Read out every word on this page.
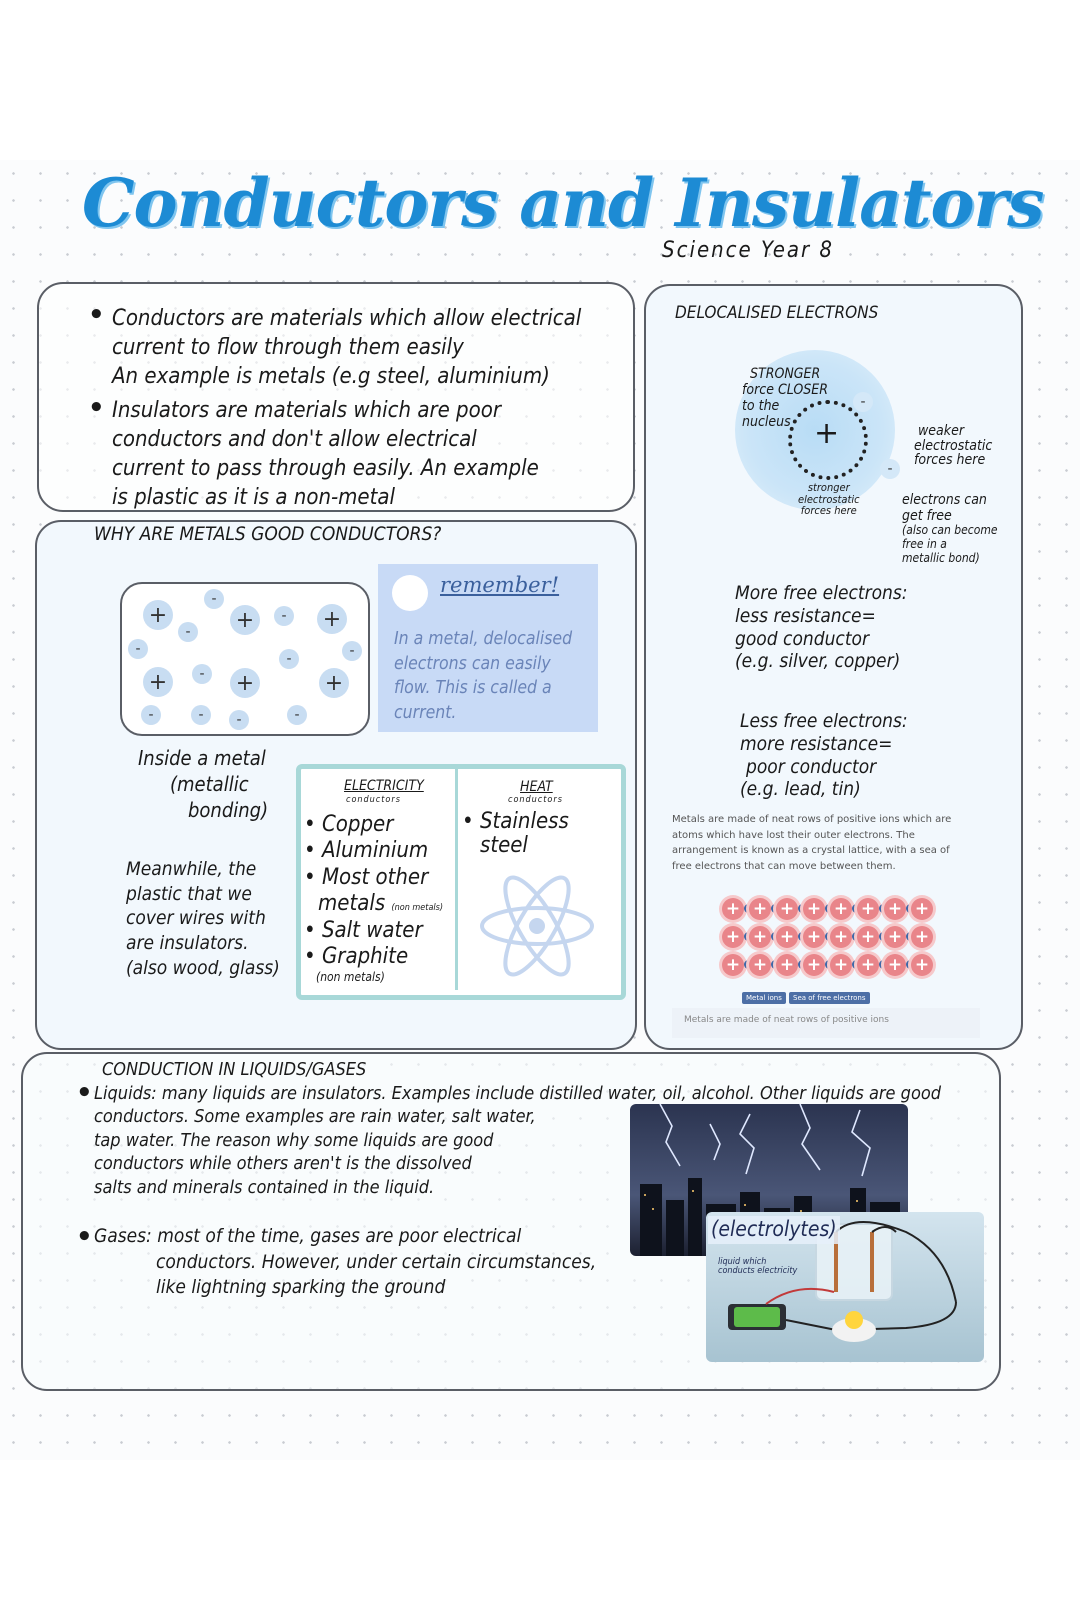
Conductors and Insulators
Science Year 8
• Conductors are materials which allow electrical
current to flow through them easily
An example is metals (e.g steel, aluminium)
• Insulators are materials which are poor
conductors and don't allow electrical
current to pass through easily. An example
is plastic as it is a non-metal
WHY ARE METALS GOOD CONDUCTORS?
+	+	+
+	+	+
-
-
-
-	-
-
-
-	-	-	-
Inside a metal
(metallic
bonding)
remember!
In a metal, delocalised
electrons can easily
flow. This is called a
current.
Meanwhile, the
plastic that we
cover wires with
are insulators.
(also wood, glass)
ELECTRICITY
conductors
• Copper
• Aluminium
• Most other
metals (non metals)
• Salt water
• Graphite
(non metals)
HEAT
conductors
• Stainless
steel
DELOCALISED ELECTRONS
+
-
-
STRONGER
force CLOSER
to the
nucleus
stronger
electrostatic
forces here
weaker
electrostatic
forces here
electrons can
get free
(also can become
free in a
metallic bond)
More free electrons:
less resistance=
good conductor
(e.g. silver, copper)
Less free electrons:
more resistance=
poor conductor
(e.g. lead, tin)
Metals are made of neat rows of positive ions which are atoms which have lost their outer electrons. The arrangement is known as a crystal lattice, with a sea of free electrons that can move between them.
+ + + + + + + +
+ + + + + + + +
+ + + + + + + +
Metal ions	Sea of free electrons
Metals are made of neat rows of positive ions
CONDUCTION IN LIQUIDS/GASES
• Liquids: many liquids are insulators. Examples include distilled water, oil, alcohol. Other liquids are good
conductors. Some examples are rain water, salt water,
tap water. The reason why some liquids are good
conductors while others aren't is the dissolved
salts and minerals contained in the liquid.
• Gases: most of the time, gases are poor electrical
conductors. However, under certain circumstances,
like lightning sparking the ground
(electrolytes)
liquid which
conducts electricity
